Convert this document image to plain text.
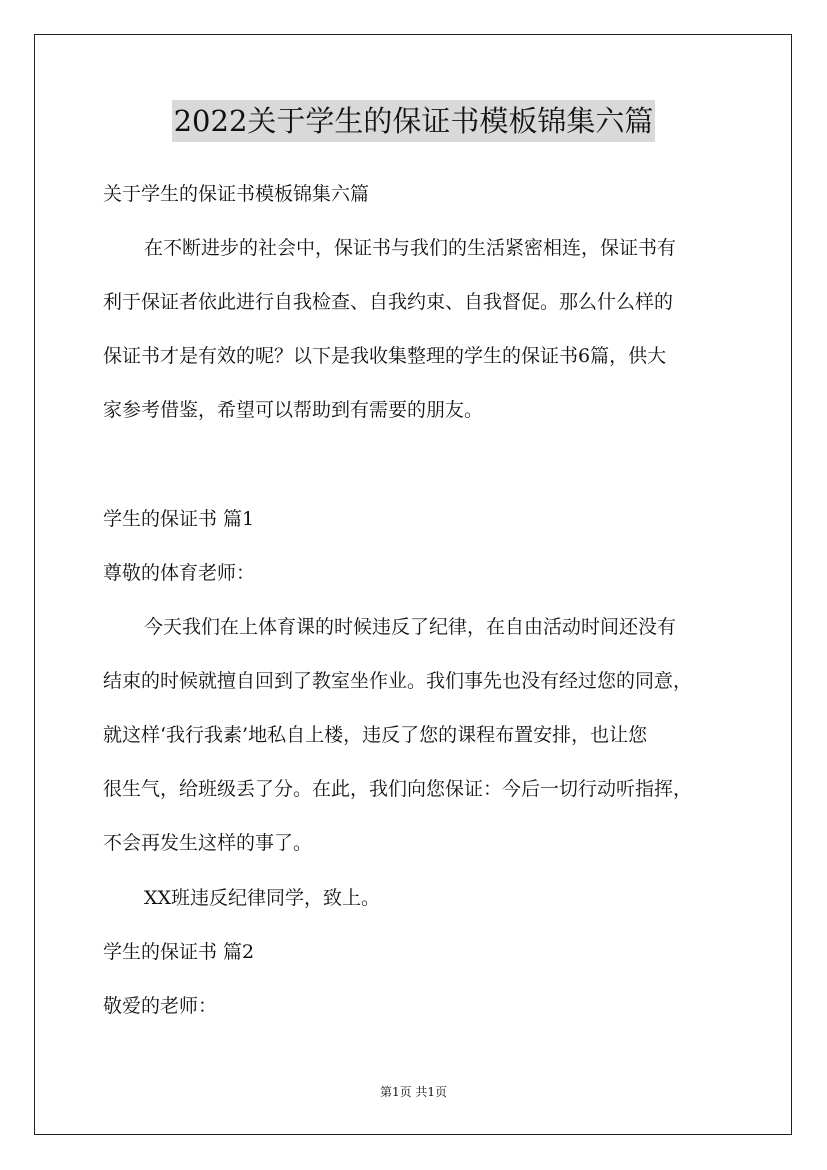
2022关于学生的保证书模板锦集六篇
关于学生的保证书模板锦集六篇
在不断进步的社会中，保证书与我们的生活紧密相连，保证书有
利于保证者依此进行自我检查、自我约束、自我督促。那么什么样的
保证书才是有效的呢？以下是我收集整理的学生的保证书6篇，供大
家参考借鉴，希望可以帮助到有需要的朋友。
学生的保证书 篇1
尊敬的体育老师：
今天我们在上体育课的时候违反了纪律，在自由活动时间还没有
结束的时候就擅自回到了教室坐作业。我们事先也没有经过您的同意，
就这样‘我行我素’地私自上楼，违反了您的课程布置安排，也让您
很生气，给班级丢了分。在此，我们向您保证：今后一切行动听指挥，
不会再发生这样的事了。
XX班违反纪律同学，致上。
学生的保证书 篇2
敬爱的老师：
第1页 共1页
